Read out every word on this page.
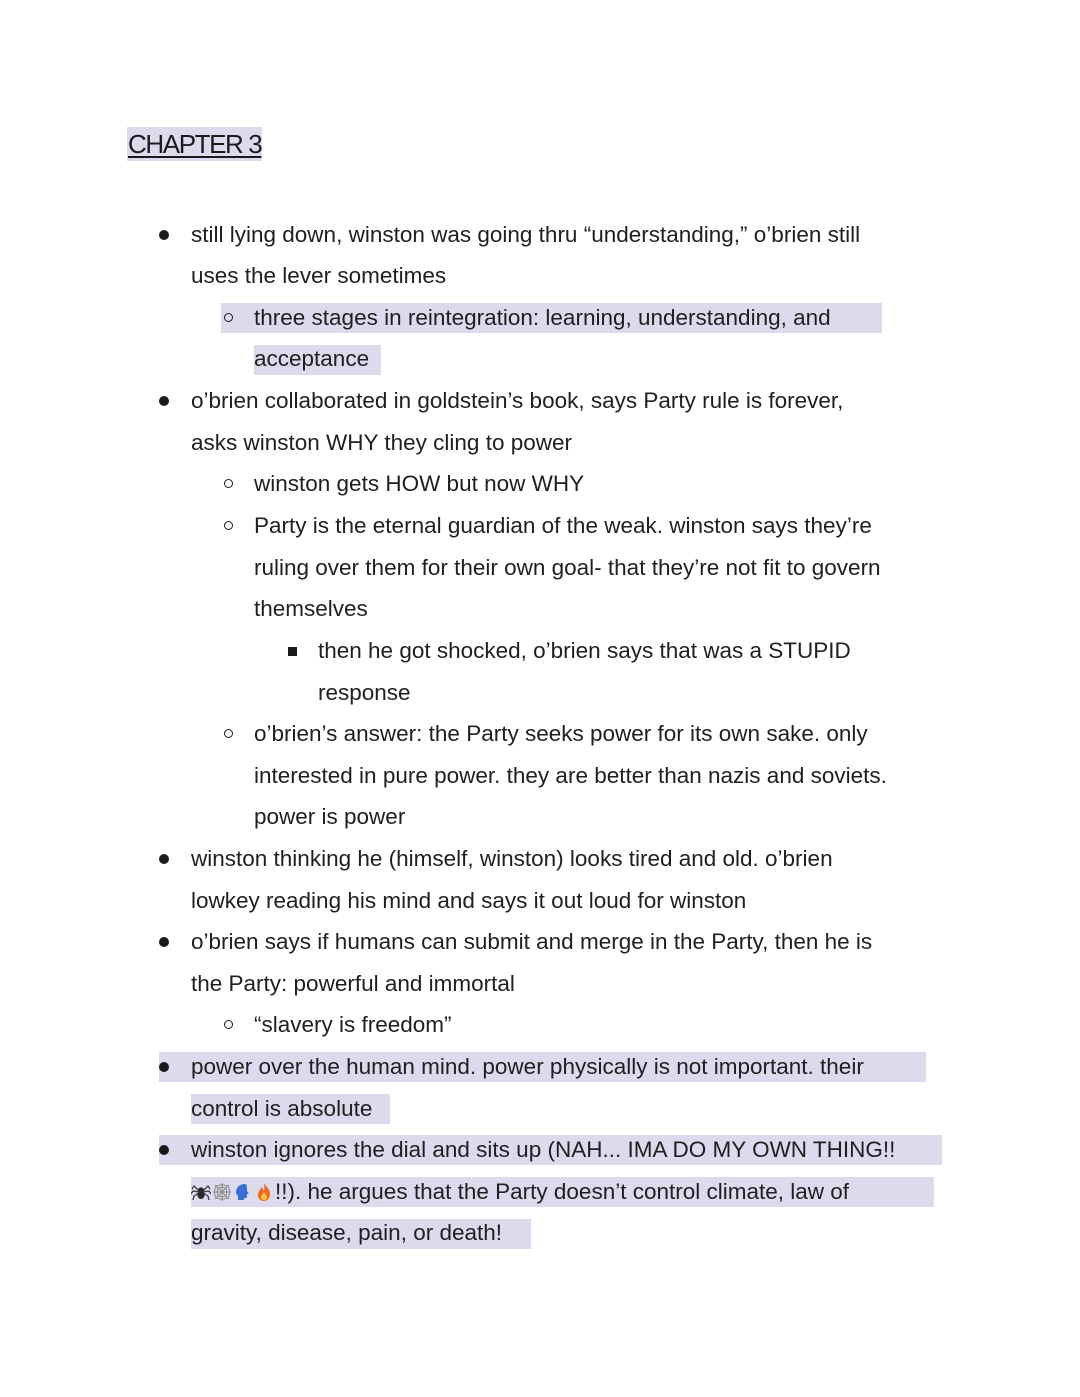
CHAPTER 3
still lying down, winston was going thru “understanding,” o’brien still
uses the lever sometimes
three stages in reintegration: learning, understanding, and
acceptance
o’brien collaborated in goldstein’s book, says Party rule is forever,
asks winston WHY they cling to power
winston gets HOW but now WHY
Party is the eternal guardian of the weak. winston says they’re
ruling over them for their own goal- that they’re not fit to govern
themselves
then he got shocked, o’brien says that was a STUPID
response
o’brien’s answer: the Party seeks power for its own sake. only
interested in pure power. they are better than nazis and soviets.
power is power
winston thinking he (himself, winston) looks tired and old. o’brien
lowkey reading his mind and says it out loud for winston
o’brien says if humans can submit and merge in the Party, then he is
the Party: powerful and immortal
“slavery is freedom”
power over the human mind. power physically is not important. their
control is absolute
winston ignores the dial and sits up (NAH... IMA DO MY OWN THING!!
!!). he argues that the Party doesn’t control climate, law of
gravity, disease, pain, or death!
